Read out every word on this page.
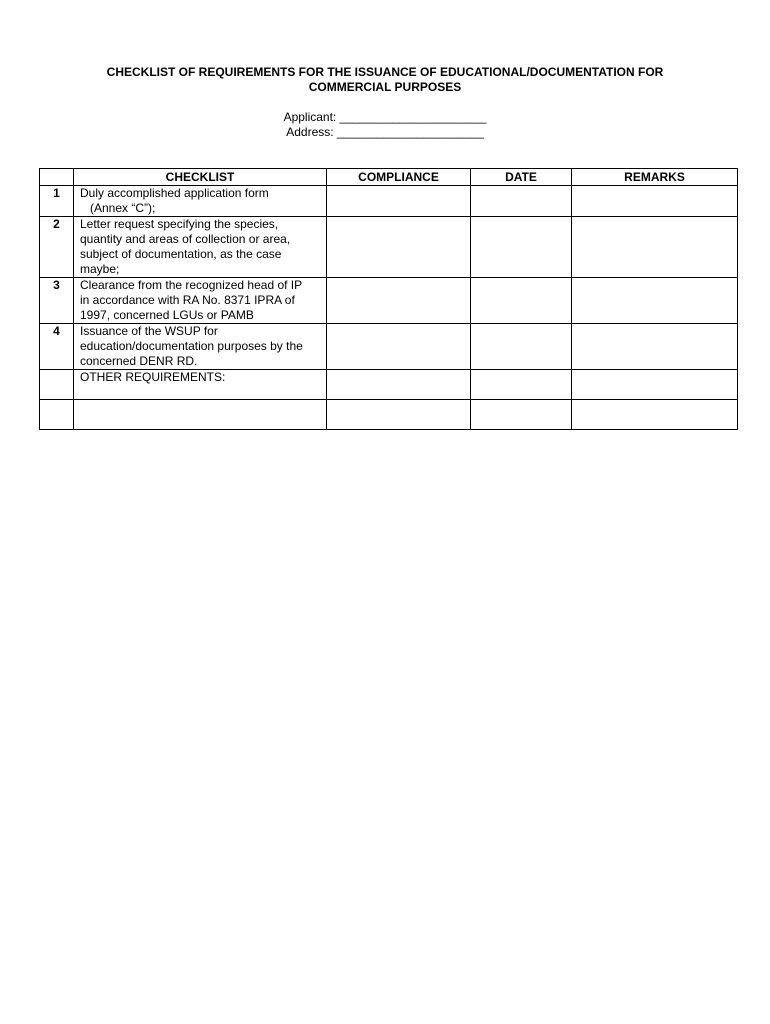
CHECKLIST OF REQUIREMENTS FOR THE ISSUANCE OF EDUCATIONAL/DOCUMENTATION FOR
COMMERCIAL PURPOSES
Applicant: ______________________
Address: ______________________
	CHECKLIST	COMPLIANCE	DATE	REMARKS
1	Duly accomplished application form

(Annex “C”);			

2	Letter request specifying the species,
quantity and areas of collection or area,
subject of documentation, as the case
maybe;			
3	Clearance from the recognized head of IP
in accordance with RA No. 8371 IPRA of
1997, concerned LGUs or PAMB			
4	Issuance of the WSUP for
education/documentation purposes by the
concerned DENR RD.			
	OTHER REQUIREMENTS:			
